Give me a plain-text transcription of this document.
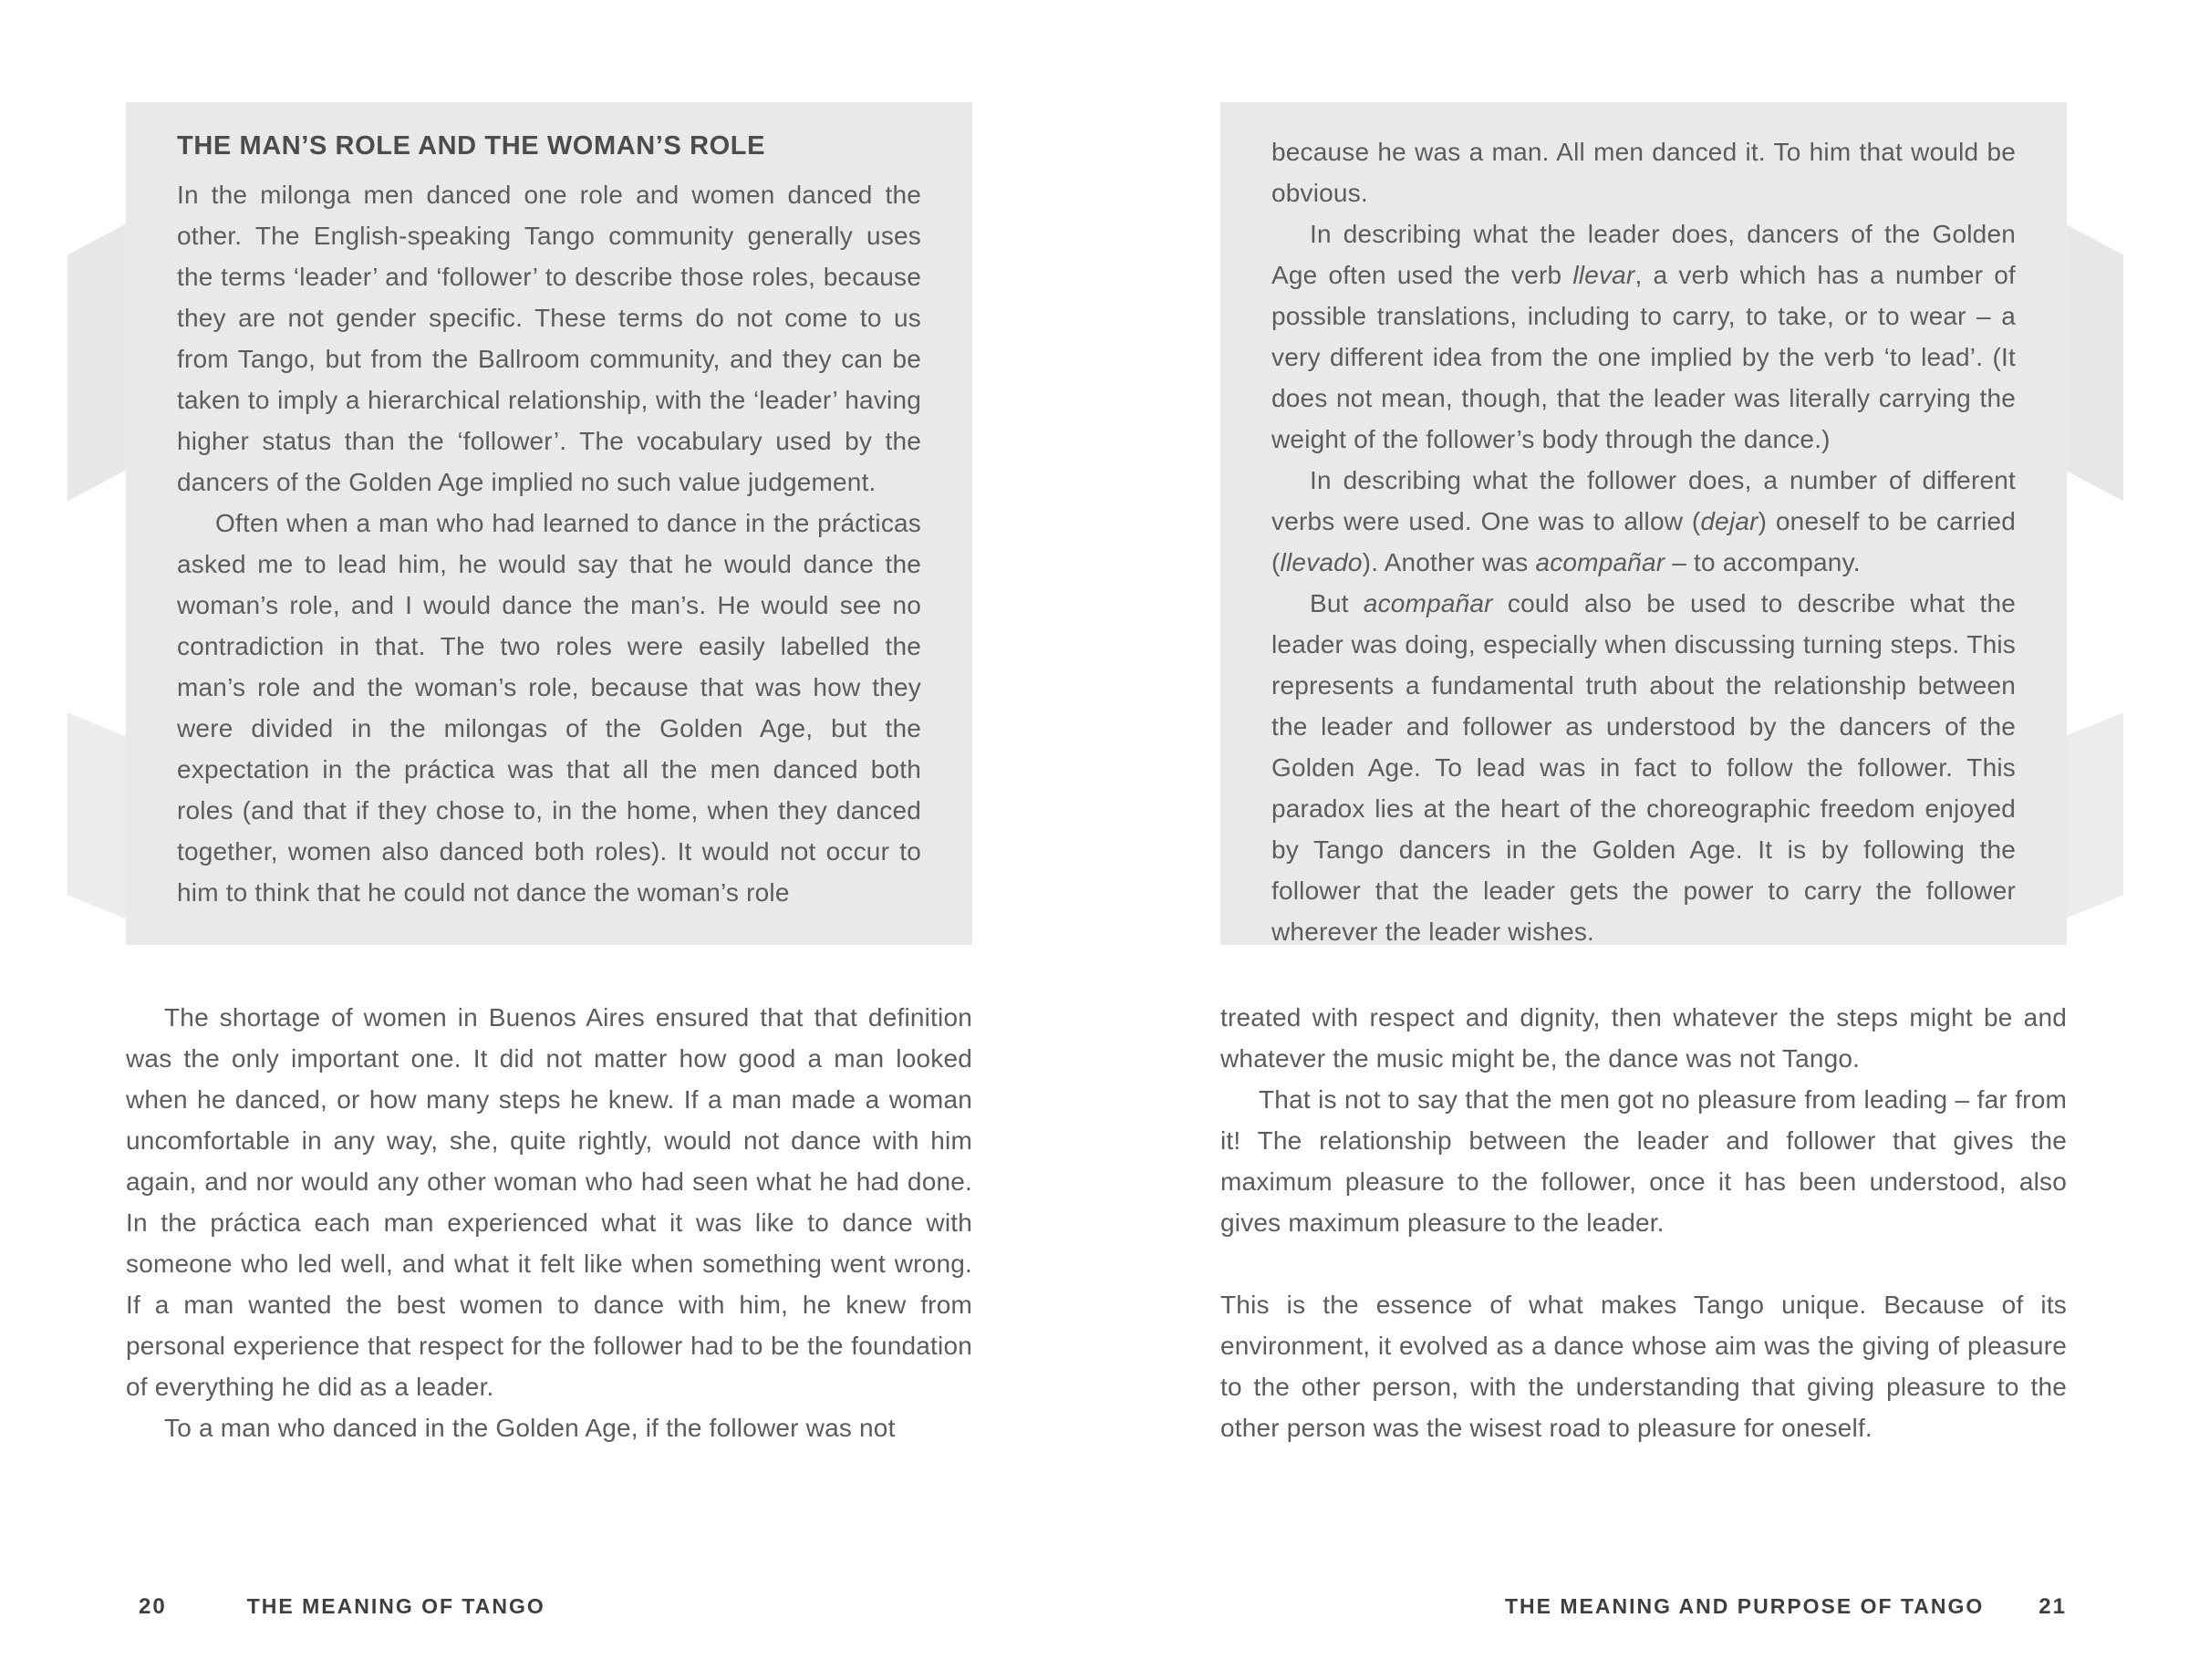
THE MAN’S ROLE AND THE WOMAN’S ROLE

In the milonga men danced one role and women danced the other. The English-speaking Tango community generally uses the terms ‘leader’ and ‘follower’ to describe those roles, because they are not gender specific. These terms do not come to us from Tango, but from the Ballroom community, and they can be taken to imply a hierarchical relationship, with the ‘leader’ having higher status than the ‘follower’. The vocabulary used by the dancers of the Golden Age implied no such value judgement.

Often when a man who had learned to dance in the prácticas asked me to lead him, he would say that he would dance the woman’s role, and I would dance the man’s. He would see no contradiction in that. The two roles were easily labelled the man’s role and the woman’s role, because that was how they were divided in the milongas of the Golden Age, but the expectation in the práctica was that all the men danced both roles (and that if they chose to, in the home, when they danced together, women also danced both roles). It would not occur to him to think that he could not dance the woman’s role

The shortage of women in Buenos Aires ensured that that definition was the only important one. It did not matter how good a man looked when he danced, or how many steps he knew. If a man made a woman uncomfortable in any way, she, quite rightly, would not dance with him again, and nor would any other woman who had seen what he had done. In the práctica each man experienced what it was like to dance with someone who led well, and what it felt like when something went wrong. If a man wanted the best women to dance with him, he knew from personal experience that respect for the follower had to be the foundation of everything he did as a leader.

To a man who danced in the Golden Age, if the follower was not

20	THE MEANING OF TANGO

because he was a man. All men danced it. To him that would be obvious.

In describing what the leader does, dancers of the Golden Age often used the verb llevar, a verb which has a number of possible translations, including to carry, to take, or to wear – a very different idea from the one implied by the verb ‘to lead’. (It does not mean, though, that the leader was literally carrying the weight of the follower’s body through the dance.)

In describing what the follower does, a number of different verbs were used. One was to allow (dejar) oneself to be carried (llevado). Another was acompañar – to accompany.

But acompañar could also be used to describe what the leader was doing, especially when discussing turning steps. This represents a fundamental truth about the relationship between the leader and follower as understood by the dancers of the Golden Age. To lead was in fact to follow the follower. This paradox lies at the heart of the choreographic freedom enjoyed by Tango dancers in the Golden Age. It is by following the follower that the leader gets the power to carry the follower wherever the leader wishes.

treated with respect and dignity, then whatever the steps might be and whatever the music might be, the dance was not Tango.

That is not to say that the men got no pleasure from leading – far from it! The relationship between the leader and follower that gives the maximum pleasure to the follower, once it has been understood, also gives maximum pleasure to the leader.

This is the essence of what makes Tango unique. Because of its environment, it evolved as a dance whose aim was the giving of pleasure to the other person, with the understanding that giving pleasure to the other person was the wisest road to pleasure for oneself.

THE MEANING AND PURPOSE OF TANGO	21
